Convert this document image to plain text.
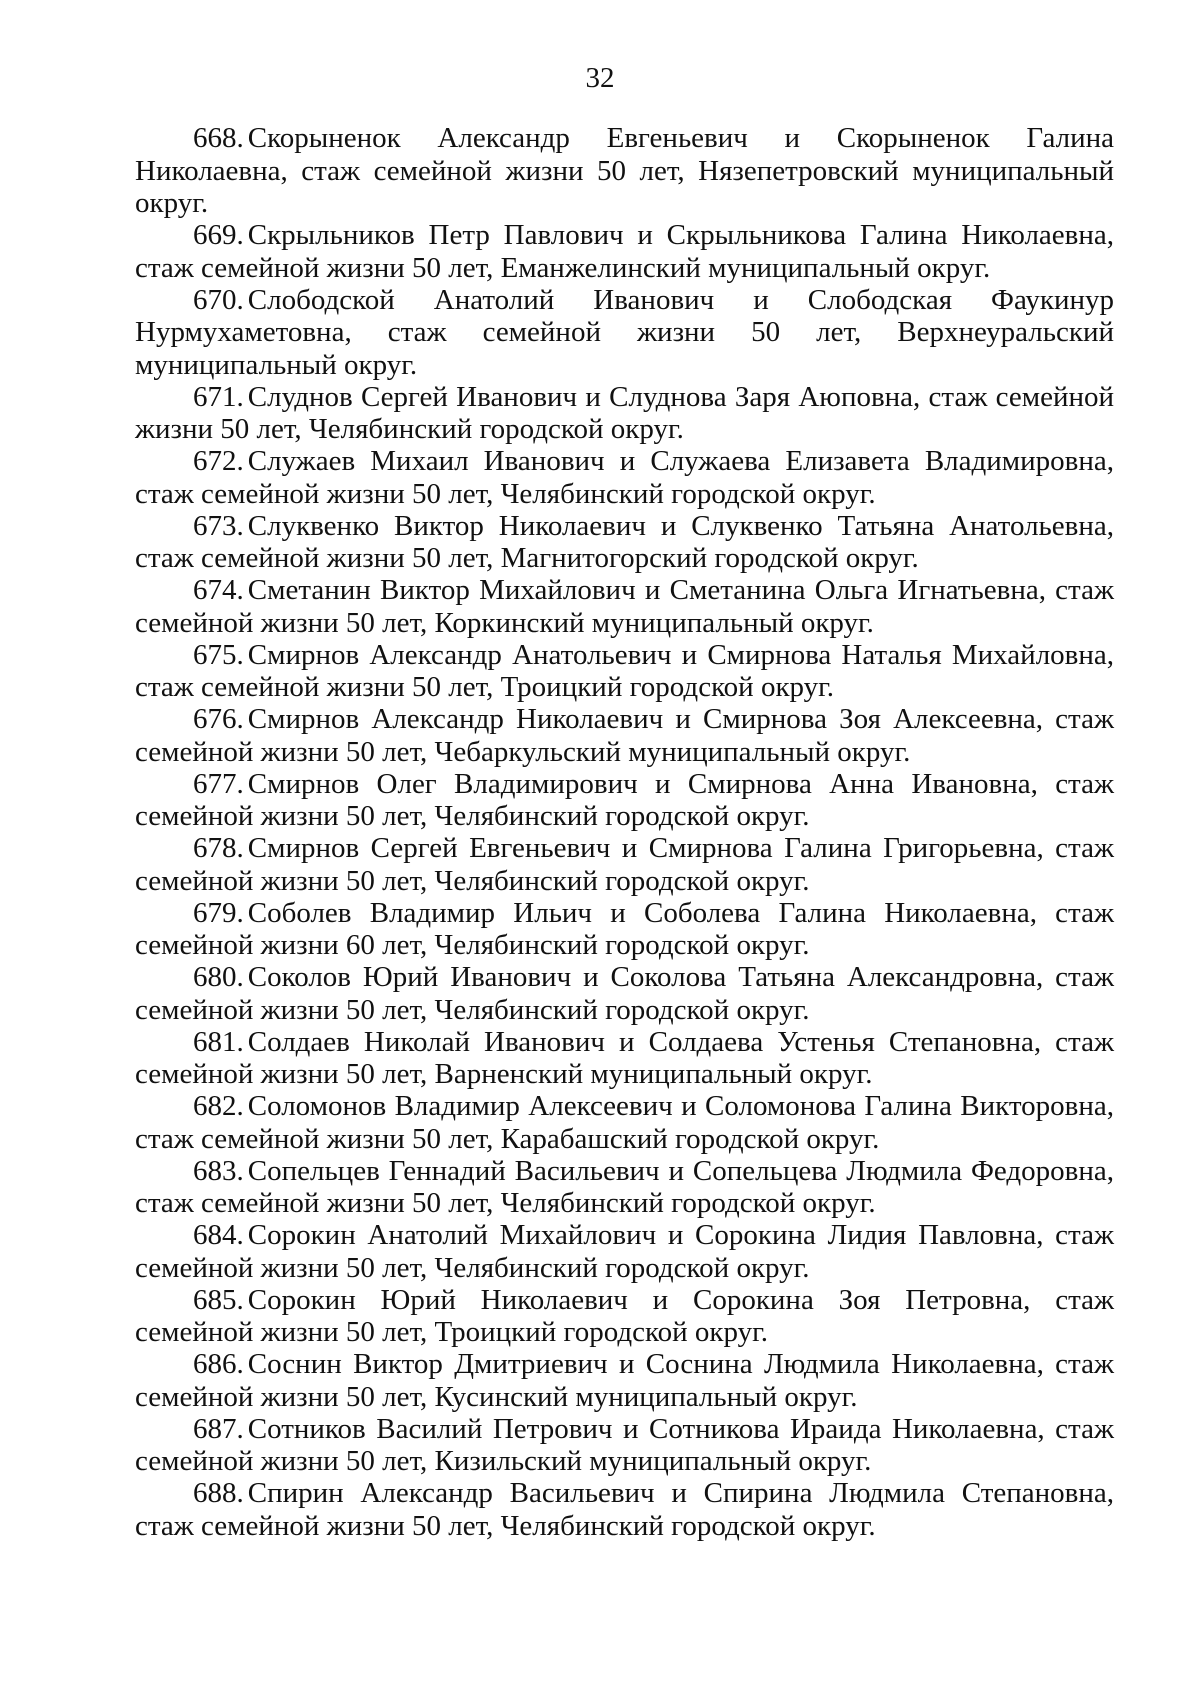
32

668. Скорыненок Александр Евгеньевич и Скорыненок Галина Николаевна, стаж семейной жизни 50 лет, Нязепетровский муниципальный округ.

669. Скрыльников Петр Павлович и Скрыльникова Галина Николаевна, стаж семейной жизни 50 лет, Еманжелинский муниципальный округ.

670. Слободской Анатолий Иванович и Слободская Фаукинур Нурмухаметовна, стаж семейной жизни 50 лет, Верхнеуральский муниципальный округ.

671. Слуднов Сергей Иванович и Слуднова Заря Аюповна, стаж семейной жизни 50 лет, Челябинский городской округ.

672. Служаев Михаил Иванович и Служаева Елизавета Владимировна, стаж семейной жизни 50 лет, Челябинский городской округ.

673. Слуквенко Виктор Николаевич и Слуквенко Татьяна Анатольевна, стаж семейной жизни 50 лет, Магнитогорский городской округ.

674. Сметанин Виктор Михайлович и Сметанина Ольга Игнатьевна, стаж семейной жизни 50 лет, Коркинский муниципальный округ.

675. Смирнов Александр Анатольевич и Смирнова Наталья Михайловна, стаж семейной жизни 50 лет, Троицкий городской округ.

676. Смирнов Александр Николаевич и Смирнова Зоя Алексеевна, стаж семейной жизни 50 лет, Чебаркульский муниципальный округ.

677. Смирнов Олег Владимирович и Смирнова Анна Ивановна, стаж семейной жизни 50 лет, Челябинский городской округ.

678. Смирнов Сергей Евгеньевич и Смирнова Галина Григорьевна, стаж семейной жизни 50 лет, Челябинский городской округ.

679. Соболев Владимир Ильич и Соболева Галина Николаевна, стаж семейной жизни 60 лет, Челябинский городской округ.

680. Соколов Юрий Иванович и Соколова Татьяна Александровна, стаж семейной жизни 50 лет, Челябинский городской округ.

681. Солдаев Николай Иванович и Солдаева Устенья Степановна, стаж семейной жизни 50 лет, Варненский муниципальный округ.

682. Соломонов Владимир Алексеевич и Соломонова Галина Викторовна, стаж семейной жизни 50 лет, Карабашский городской округ.

683. Сопельцев Геннадий Васильевич и Сопельцева Людмила Федоровна, стаж семейной жизни 50 лет, Челябинский городской округ.

684. Сорокин Анатолий Михайлович и Сорокина Лидия Павловна, стаж семейной жизни 50 лет, Челябинский городской округ.

685. Сорокин Юрий Николаевич и Сорокина Зоя Петровна, стаж семейной жизни 50 лет, Троицкий городской округ.

686. Соснин Виктор Дмитриевич и Соснина Людмила Николаевна, стаж семейной жизни 50 лет, Кусинский муниципальный округ.

687. Сотников Василий Петрович и Сотникова Ираида Николаевна, стаж семейной жизни 50 лет, Кизильский муниципальный округ.

688. Спирин Александр Васильевич и Спирина Людмила Степановна, стаж семейной жизни 50 лет, Челябинский городской округ.
